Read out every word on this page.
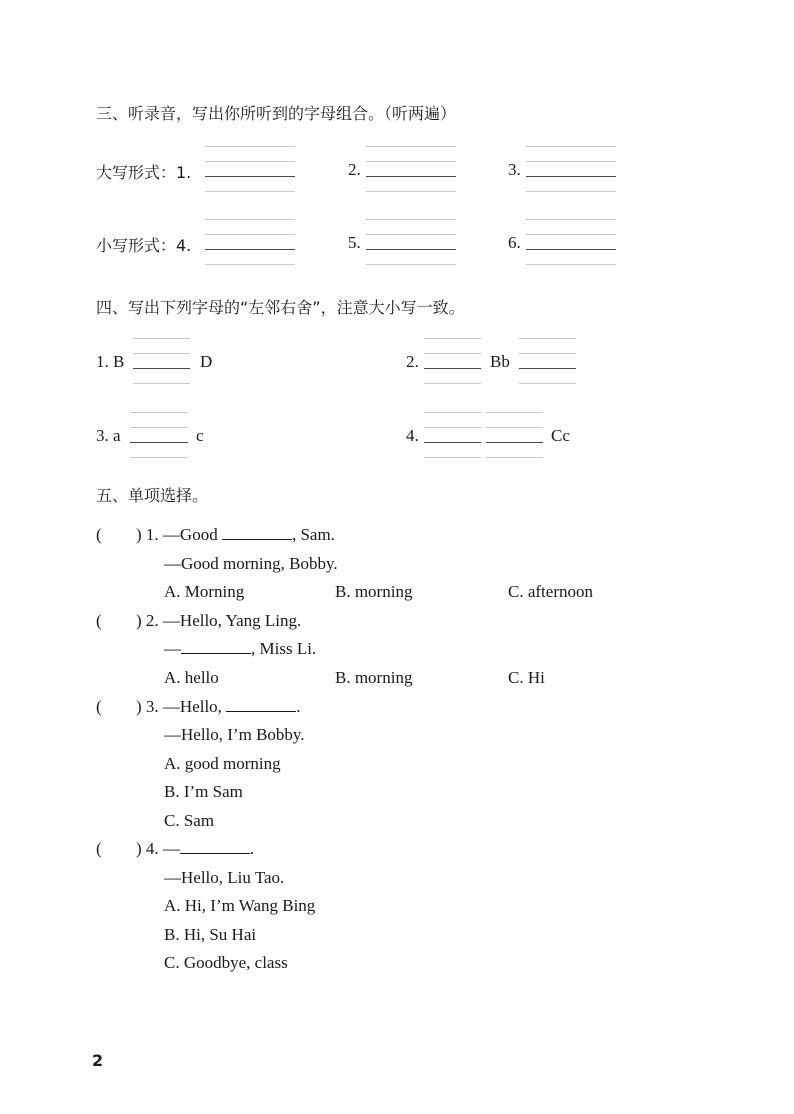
三、听录音，写出你所听到的字母组合。（听两遍）
大写形式：1.	2.	3.
小写形式：4.	5.	6.
四、写出下列字母的“左邻右舍”，注意大小写一致。
1. B	D	2.	Bb
3. a	c	4.	Cc
五、单项选择。
( ) 1. —Good	, Sam.
—Good morning, Bobby.
A. Morning	B. morning	C. afternoon
( ) 2. —Hello, Yang Ling.
—	, Miss Li.
A. hello	B. morning	C. Hi
( ) 3. —Hello,	.
—Hello, I’m Bobby.
A. good morning
B. I’m Sam
C. Sam
( ) 4. —	.
—Hello, Liu Tao.
A. Hi, I’m Wang Bing
B. Hi, Su Hai
C. Goodbye, class
2
